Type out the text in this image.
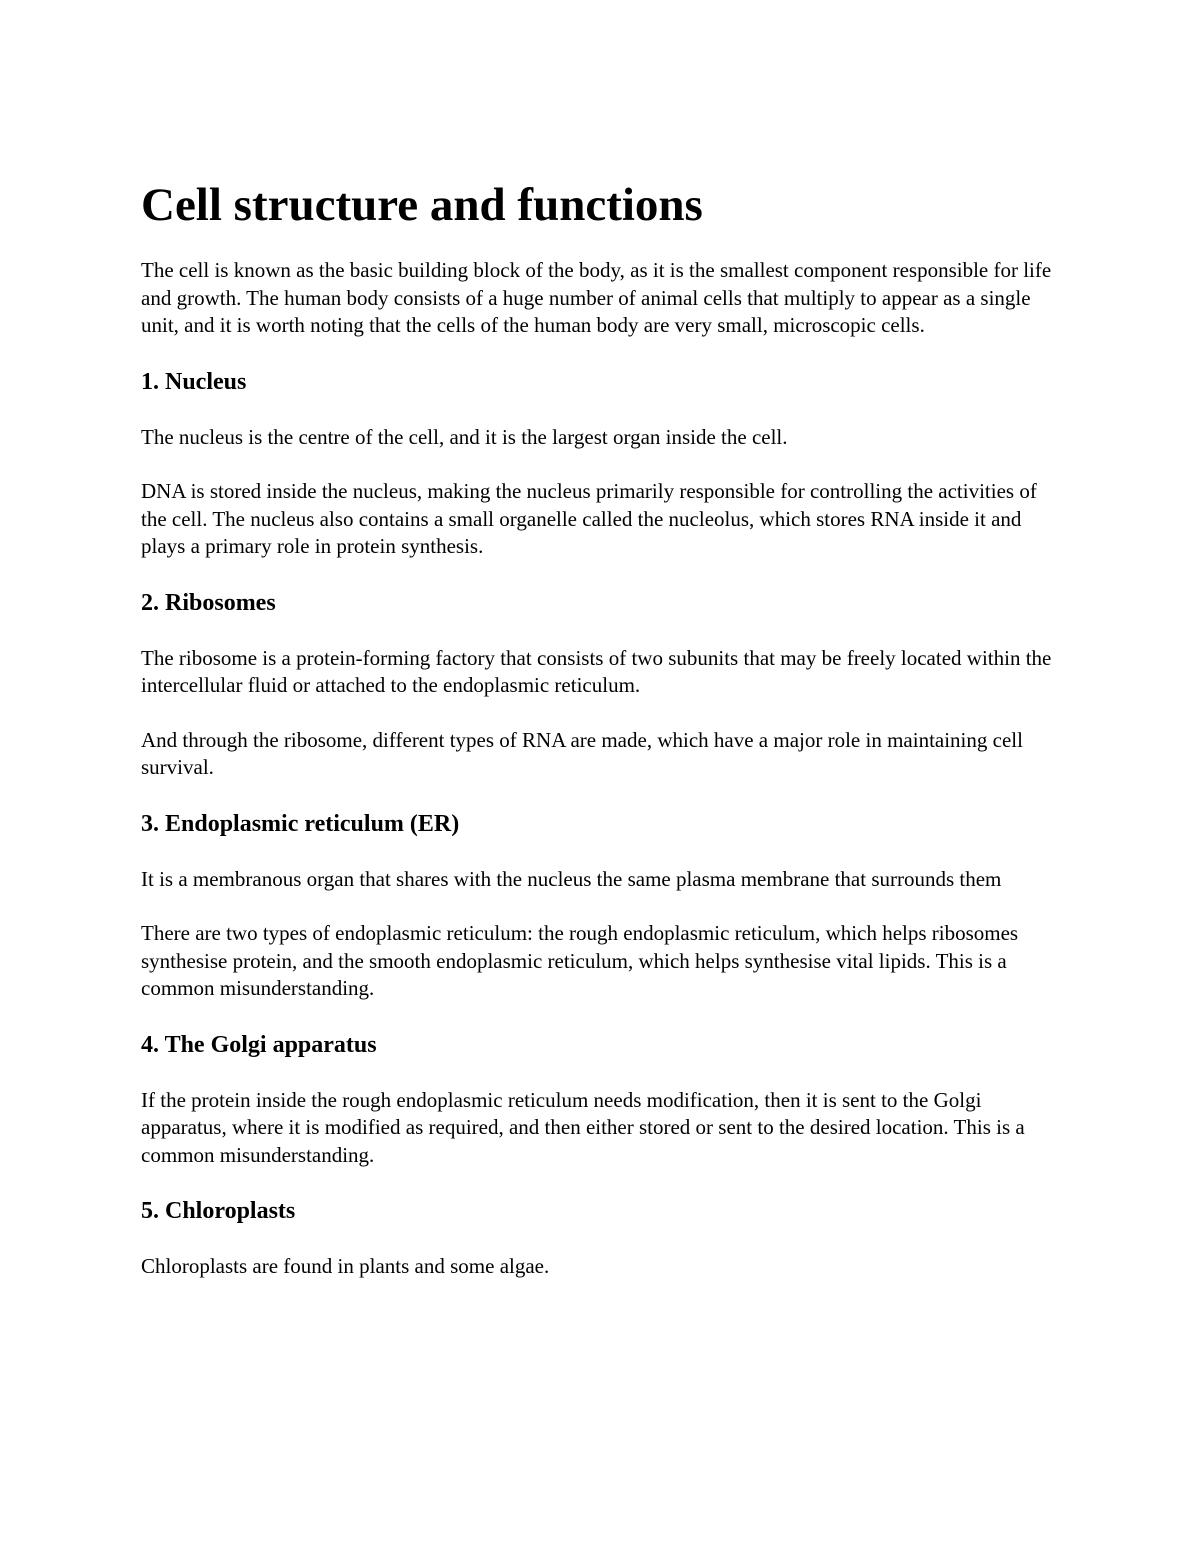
Cell structure and functions

The cell is known as the basic building block of the body, as it is the smallest component responsible for life and growth. The human body consists of a huge number of animal cells that multiply to appear as a single unit, and it is worth noting that the cells of the human body are very small, microscopic cells.

1. Nucleus

The nucleus is the centre of the cell, and it is the largest organ inside the cell.

DNA is stored inside the nucleus, making the nucleus primarily responsible for controlling the activities of the cell. The nucleus also contains a small organelle called the nucleolus, which stores RNA inside it and plays a primary role in protein synthesis.

2. Ribosomes

The ribosome is a protein-forming factory that consists of two subunits that may be freely located within the intercellular fluid or attached to the endoplasmic reticulum.

And through the ribosome, different types of RNA are made, which have a major role in maintaining cell survival.

3. Endoplasmic reticulum (ER)

It is a membranous organ that shares with the nucleus the same plasma membrane that surrounds them

There are two types of endoplasmic reticulum: the rough endoplasmic reticulum, which helps ribosomes synthesise protein, and the smooth endoplasmic reticulum, which helps synthesise vital lipids. This is a common misunderstanding.

4. The Golgi apparatus

If the protein inside the rough endoplasmic reticulum needs modification, then it is sent to the Golgi apparatus, where it is modified as required, and then either stored or sent to the desired location. This is a common misunderstanding.

5. Chloroplasts

Chloroplasts are found in plants and some algae.
